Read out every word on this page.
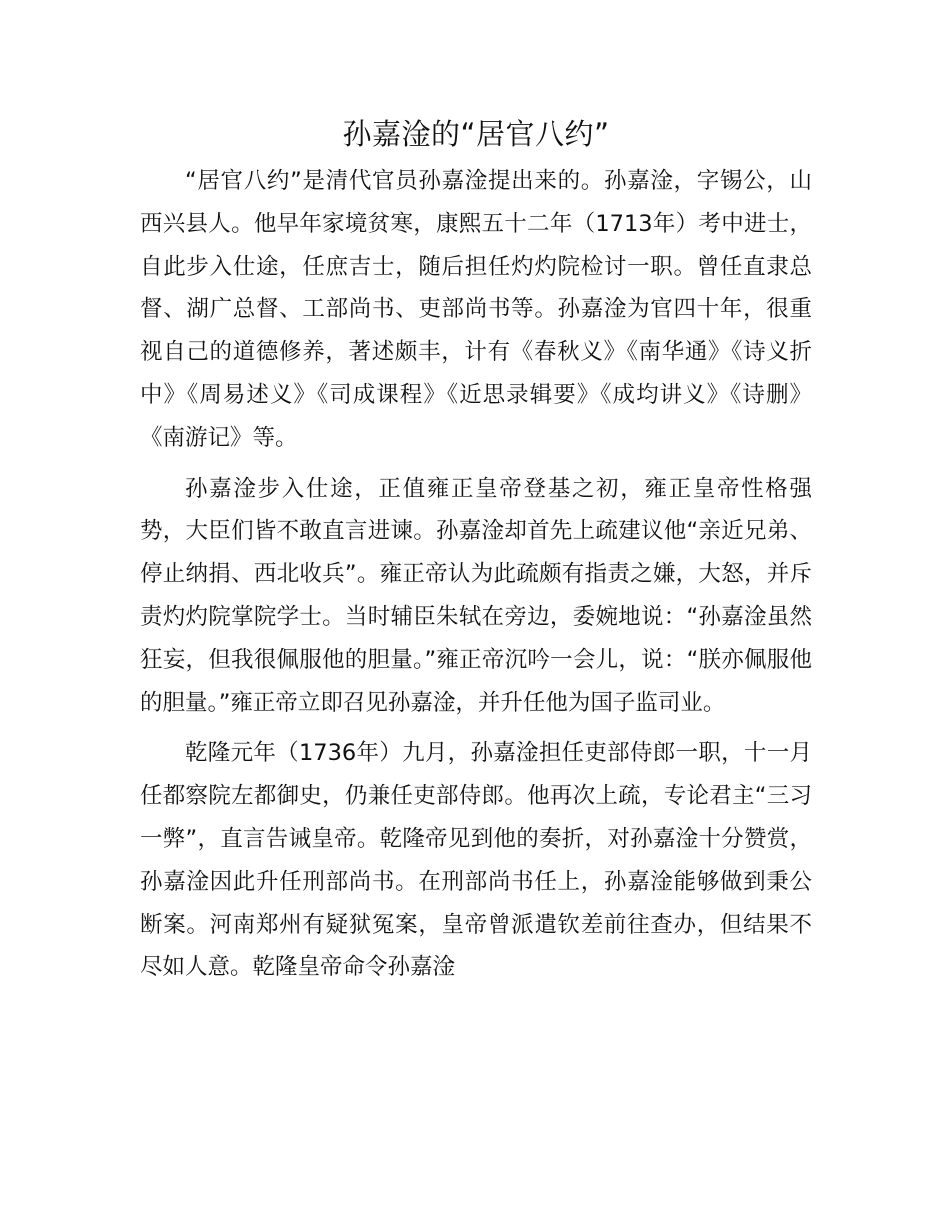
孙嘉淦的“居官八约”

“居官八约”是清代官员孙嘉淦提出来的。孙嘉淦，字锡公，山西兴县人。他早年家境贫寒，康熙五十二年（1713年）考中进士，自此步入仕途，任庶吉士，随后担任灼灼院检讨一职。曾任直隶总督、湖广总督、工部尚书、吏部尚书等。孙嘉淦为官四十年，很重视自己的道德修养，著述颇丰，计有《春秋义》《南华通》《诗义折中》《周易述义》《司成课程》《近思录辑要》《成均讲义》《诗删》《南游记》等。

孙嘉淦步入仕途，正值雍正皇帝登基之初，雍正皇帝性格强势，大臣们皆不敢直言进谏。孙嘉淦却首先上疏建议他“亲近兄弟、停止纳捐、西北收兵”。雍正帝认为此疏颇有指责之嫌，大怒，并斥责灼灼院掌院学士。当时辅臣朱轼在旁边，委婉地说：“孙嘉淦虽然狂妄，但我很佩服他的胆量。”雍正帝沉吟一会儿，说：“朕亦佩服他的胆量。”雍正帝立即召见孙嘉淦，并升任他为国子监司业。

乾隆元年（1736年）九月，孙嘉淦担任吏部侍郎一职，十一月任都察院左都御史，仍兼任吏部侍郎。他再次上疏，专论君主“三习一弊”，直言告诫皇帝。乾隆帝见到他的奏折，对孙嘉淦十分赞赏，孙嘉淦因此升任刑部尚书。在刑部尚书任上，孙嘉淦能够做到秉公断案。河南郑州有疑狱冤案，皇帝曾派遣钦差前往查办，但结果不尽如人意。乾隆皇帝命令孙嘉淦
